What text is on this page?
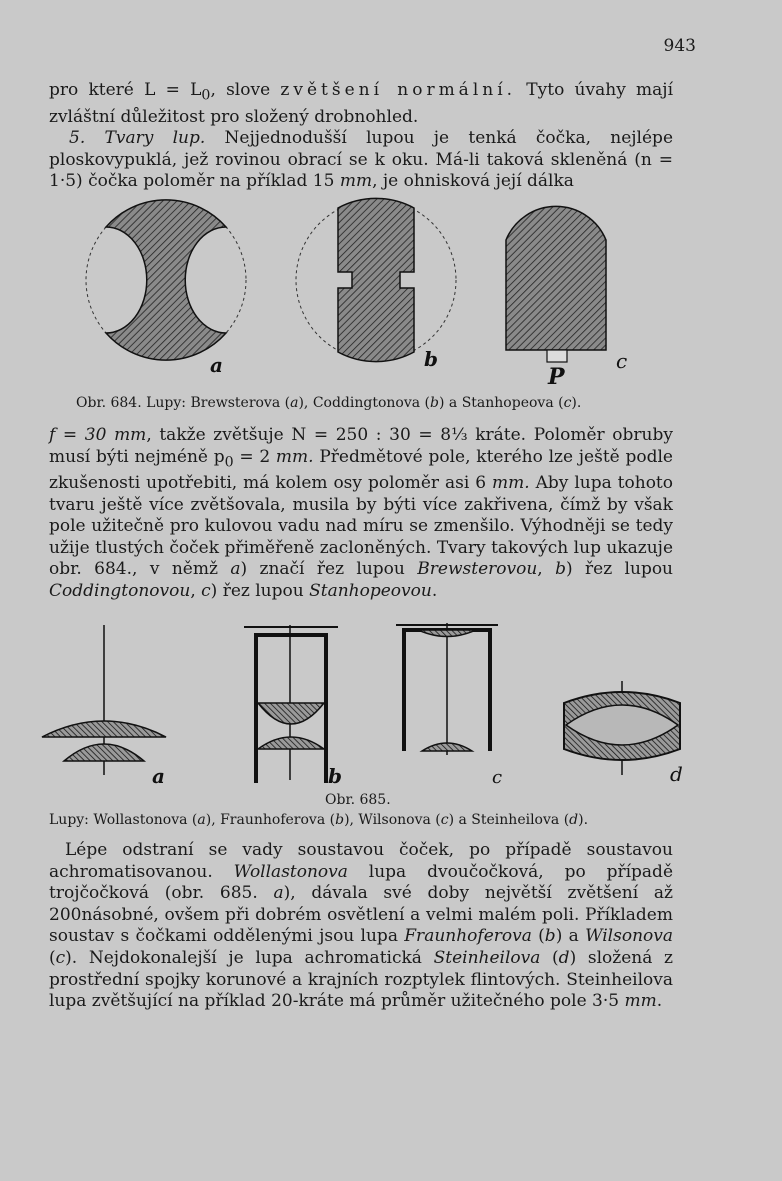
943

pro které $L = L_0$, slove zvětšení normální. Tyto úvahy mají zvláštní důležitost pro složený drobnohled.
5. Tvary lup. Nejjednodušší lupou je tenká čočka, nejlépe ploskovypuklá, jež rovinou obrací se k oku. Má-li taková skleněná (n = 1·5) čočka poloměr na příklad 15 mm, je ohnisková její dálka

a	b	c
P
Obr. 684. Lupy: Brewsterova (a), Coddingtonova (b) a Stanhopeova (c).

f = 30 mm, takže zvětšuje N = 250 : 30 = 8⅓ kráte. Poloměr obruby musí býti nejméně $p_0 = 2$ mm. Předmětové pole, kterého lze ještě podle zkušenosti upotřebiti, má kolem osy poloměr asi 6 mm. Aby lupa tohoto tvaru ještě více zvětšovala, musila by býti více zakřivena, čímž by však pole užitečně pro kulovou vadu nad míru se zmenšilo. Výhodněji se tedy užije tlustých čoček přiměřeně zacloněných. Tvary takových lup ukazuje obr. 684., v němž a) značí řez lupou Brewsterovou, b) řez lupou Coddingtonovou, c) řez lupou Stanhopeovou.

a	b	c	d
Obr. 685.
Lupy: Wollastonova (a), Fraunhoferova (b), Wilsonova (c) a Steinheilova (d).

Lépe odstraní se vady soustavou čoček, po případě soustavou achromatisovanou. Wollastonova lupa dvoučočková, po případě trojčočková (obr. 685. a), dávala své doby největší zvětšení až 200násobné, ovšem při dobrém osvětlení a velmi malém poli. Příkladem soustav s čočkami oddělenými jsou lupa Fraunhoferova (b) a Wilsonova (c). Nejdokonalejší je lupa achromatická Steinheilova (d) složená z prostřední spojky korunové a krajních rozptylek flintových. Steinheilova lupa zvětšující na příklad 20-kráte má průměr užitečného pole 3·5 mm.
